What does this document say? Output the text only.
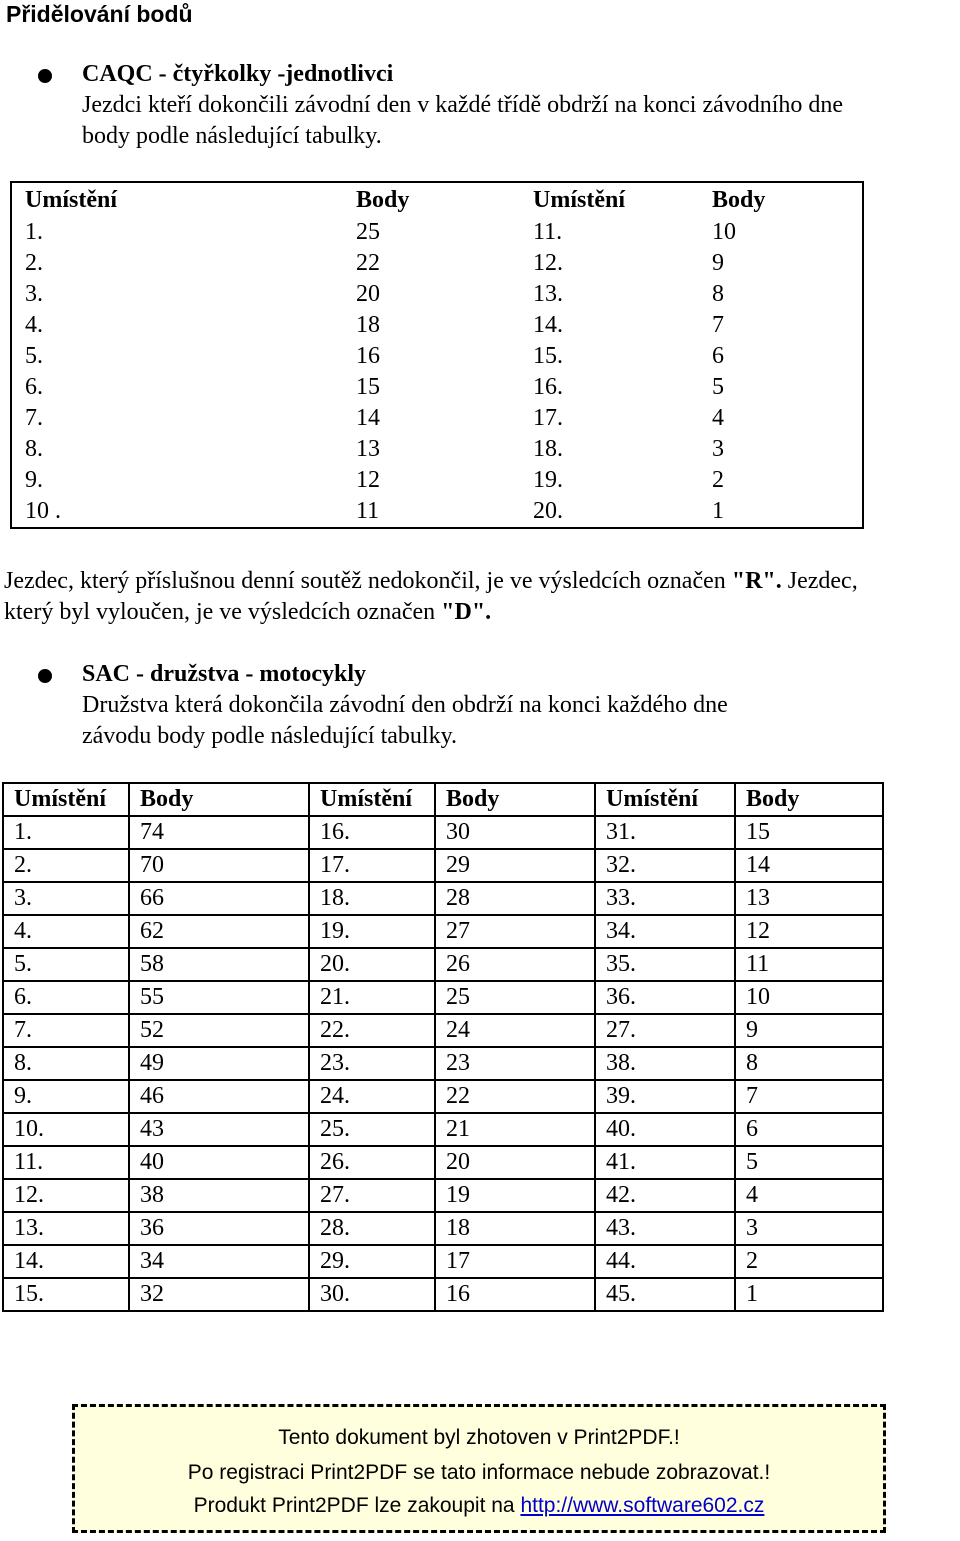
Přidělování bodů
CAQC - čtyřkolky -jednotlivci
Jezdci kteří dokončili závodní den v každé třídě obdrží na konci závodního dne
body podle následující tabulky.
Umístění	Body	Umístění	Body
1.	25	11.	10
2.	22	12.	9
3.	20	13.	8
4.	18	14.	7
5.	16	15.	6
6.	15	16.	5
7.	14	17.	4
8.	13	18.	3
9.	12	19.	2
10 .	11	20.	1
Jezdec, který příslušnou denní soutěž nedokončil, je ve výsledcích označen "R". Jezdec,
který byl vyloučen, je ve výsledcích označen "D".
SAC - družstva - motocykly
Družstva která dokončila závodní den obdrží na konci každého dne
závodu body podle následující tabulky.
Umístění	Body	Umístění	Body	Umístění	Body
1.	74	16.	30	31.	15
2.	70	17.	29	32.	14
3.	66	18.	28	33.	13
4.	62	19.	27	34.	12
5.	58	20.	26	35.	11
6.	55	21.	25	36.	10
7.	52	22.	24	27.	9
8.	49	23.	23	38.	8
9.	46	24.	22	39.	7
10.	43	25.	21	40.	6
11.	40	26.	20	41.	5
12.	38	27.	19	42.	4
13.	36	28.	18	43.	3
14.	34	29.	17	44.	2
15.	32	30.	16	45.	1
Tento dokument byl zhotoven v Print2PDF.!
Po registraci Print2PDF se tato informace nebude zobrazovat.!
Produkt Print2PDF lze zakoupit na http://www.software602.cz
